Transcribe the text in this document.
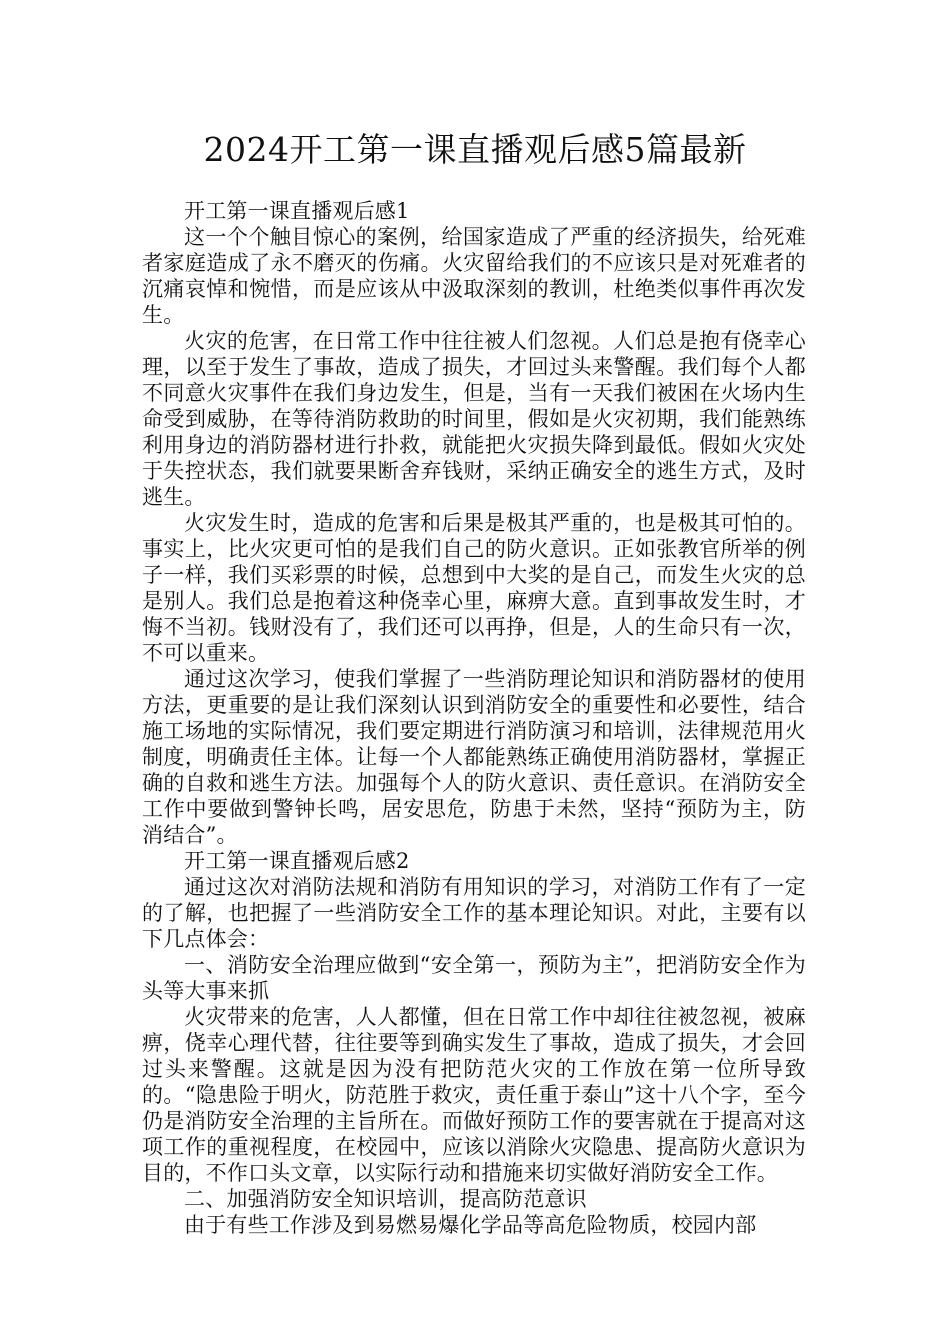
2024开工第一课直播观后感5篇最新

开工第一课直播观后感1

这一个个触目惊心的案例，给国家造成了严重的经济损失，给死难者家庭造成了永不磨灭的伤痛。火灾留给我们的不应该只是对死难者的沉痛哀悼和惋惜，而是应该从中汲取深刻的教训，杜绝类似事件再次发生。

火灾的危害，在日常工作中往往被人们忽视。人们总是抱有侥幸心理，以至于发生了事故，造成了损失，才回过头来警醒。我们每个人都不同意火灾事件在我们身边发生，但是，当有一天我们被困在火场内生命受到威胁，在等待消防救助的时间里，假如是火灾初期，我们能熟练利用身边的消防器材进行扑救，就能把火灾损失降到最低。假如火灾处于失控状态，我们就要果断舍弃钱财，采纳正确安全的逃生方式，及时逃生。

火灾发生时，造成的危害和后果是极其严重的，也是极其可怕的。事实上，比火灾更可怕的是我们自己的防火意识。正如张教官所举的例子一样，我们买彩票的时候，总想到中大奖的是自己，而发生火灾的总是别人。我们总是抱着这种侥幸心里，麻痹大意。直到事故发生时，才悔不当初。钱财没有了，我们还可以再挣，但是，人的生命只有一次，不可以重来。

通过这次学习，使我们掌握了一些消防理论知识和消防器材的使用方法，更重要的是让我们深刻认识到消防安全的重要性和必要性，结合施工场地的实际情况，我们要定期进行消防演习和培训，法律规范用火制度，明确责任主体。让每一个人都能熟练正确使用消防器材，掌握正确的自救和逃生方法。加强每个人的防火意识、责任意识。在消防安全工作中要做到警钟长鸣，居安思危，防患于未然，坚持“预防为主，防消结合”。

开工第一课直播观后感2

通过这次对消防法规和消防有用知识的学习，对消防工作有了一定的了解，也把握了一些消防安全工作的基本理论知识。对此，主要有以下几点体会：

一、消防安全治理应做到“安全第一，预防为主”，把消防安全作为头等大事来抓

火灾带来的危害，人人都懂，但在日常工作中却往往被忽视，被麻痹，侥幸心理代替，往往要等到确实发生了事故，造成了损失，才会回过头来警醒。这就是因为没有把防范火灾的工作放在第一位所导致的。“隐患险于明火，防范胜于救灾，责任重于泰山”这十八个字，至今仍是消防安全治理的主旨所在。而做好预防工作的要害就在于提高对这项工作的重视程度，在校园中，应该以消除火灾隐患、提高防火意识为目的，不作口头文章，以实际行动和措施来切实做好消防安全工作。

二、加强消防安全知识培训，提高防范意识

由于有些工作涉及到易燃易爆化学品等高危险物质，校园内部
